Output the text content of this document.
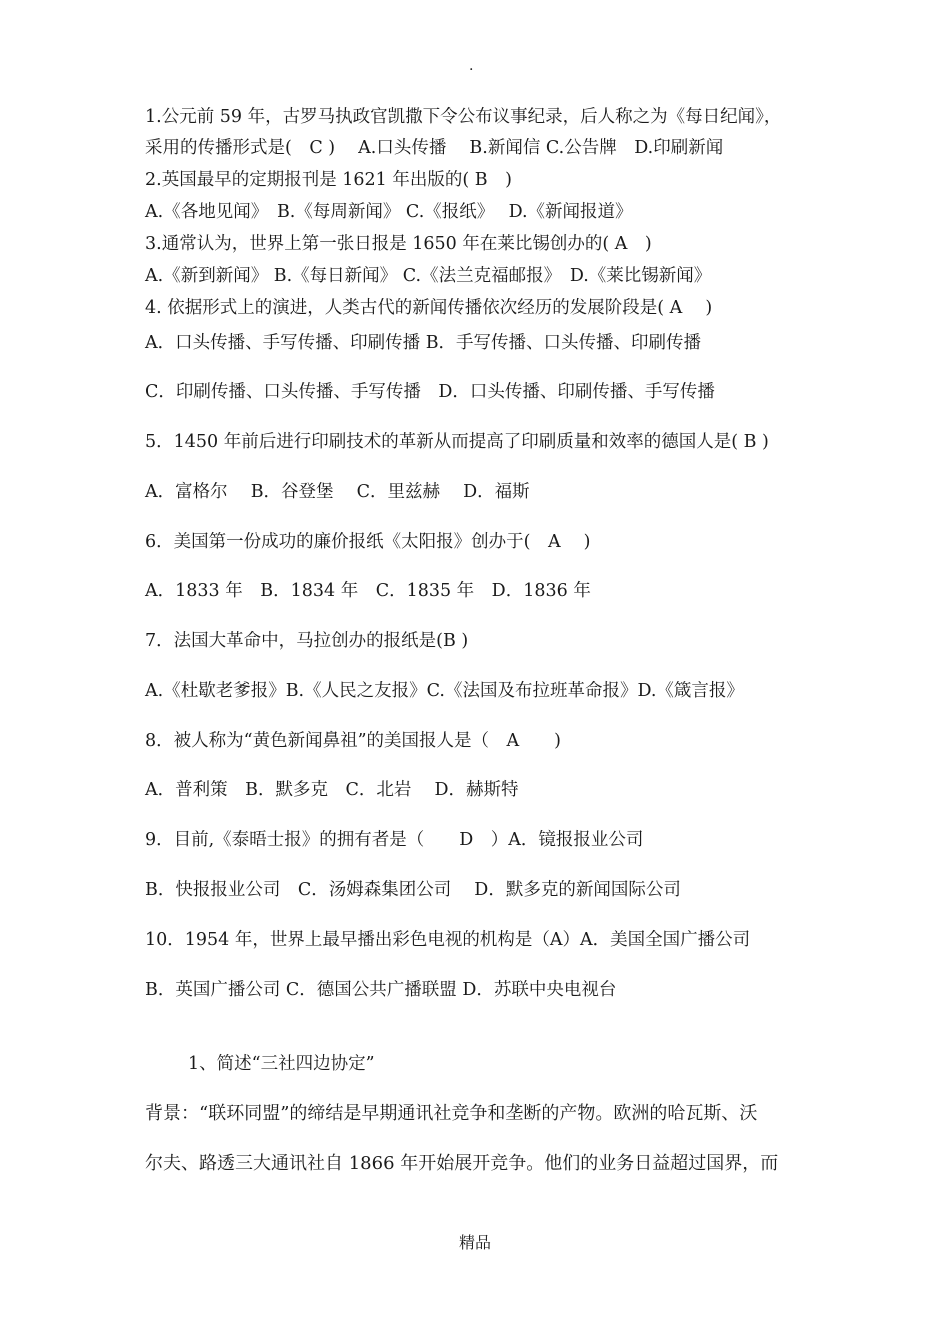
.
1.公元前 59 年，古罗马执政官凯撒下令公布议事纪录，后人称之为《每日纪闻》，
采用的传播形式是(　C )　 A.口头传播　 B.新闻信 C.公告牌　D.印刷新闻
2.英国最早的定期报刊是 1621 年出版的( B　)
A.《各地见闻》　B.《每周新闻》 C.《报纸》　 D.《新闻报道》
3.通常认为，世界上第一张日报是 1650 年在莱比锡创办的( A　)
A.《新到新闻》 B.《每日新闻》 C.《法兰克福邮报》　D.《莱比锡新闻》
4. 依据形式上的演进，人类古代的新闻传播依次经历的发展阶段是( A　 )
A．口头传播、手写传播、印刷传播 B．手写传播、口头传播、印刷传播
C．印刷传播、口头传播、手写传播　D．口头传播、印刷传播、手写传播
5．1450 年前后进行印刷技术的革新从而提高了印刷质量和效率的德国人是( B )
A．富格尔　 B．谷登堡　 C．里兹赫　 D．福斯
6．美国第一份成功的廉价报纸《太阳报》创办于(　A　 )
A．1833 年　B．1834 年　C．1835 年　D．1836 年
7．法国大革命中，马拉创办的报纸是(B )
A.《杜歇老爹报》B.《人民之友报》C.《法国及布拉班革命报》D.《箴言报》
8．被人称为“黄色新闻鼻祖”的美国报人是（　A　　)
A．普利策　B．默多克　C．北岩　 D．赫斯特
9．目前,《泰晤士报》的拥有者是（　　D　）A．镜报报业公司
B．快报报业公司　C．汤姆森集团公司　 D．默多克的新闻国际公司
10．1954 年，世界上最早播出彩色电视的机构是（A）A．美国全国广播公司
B．英国广播公司 C．德国公共广播联盟 D．苏联中央电视台
1、简述“三社四边协定”
背景：“联环同盟”的缔结是早期通讯社竞争和垄断的产物。欧洲的哈瓦斯、沃
尔夫、路透三大通讯社自 1866 年开始展开竞争。他们的业务日益超过国界，而
精品
